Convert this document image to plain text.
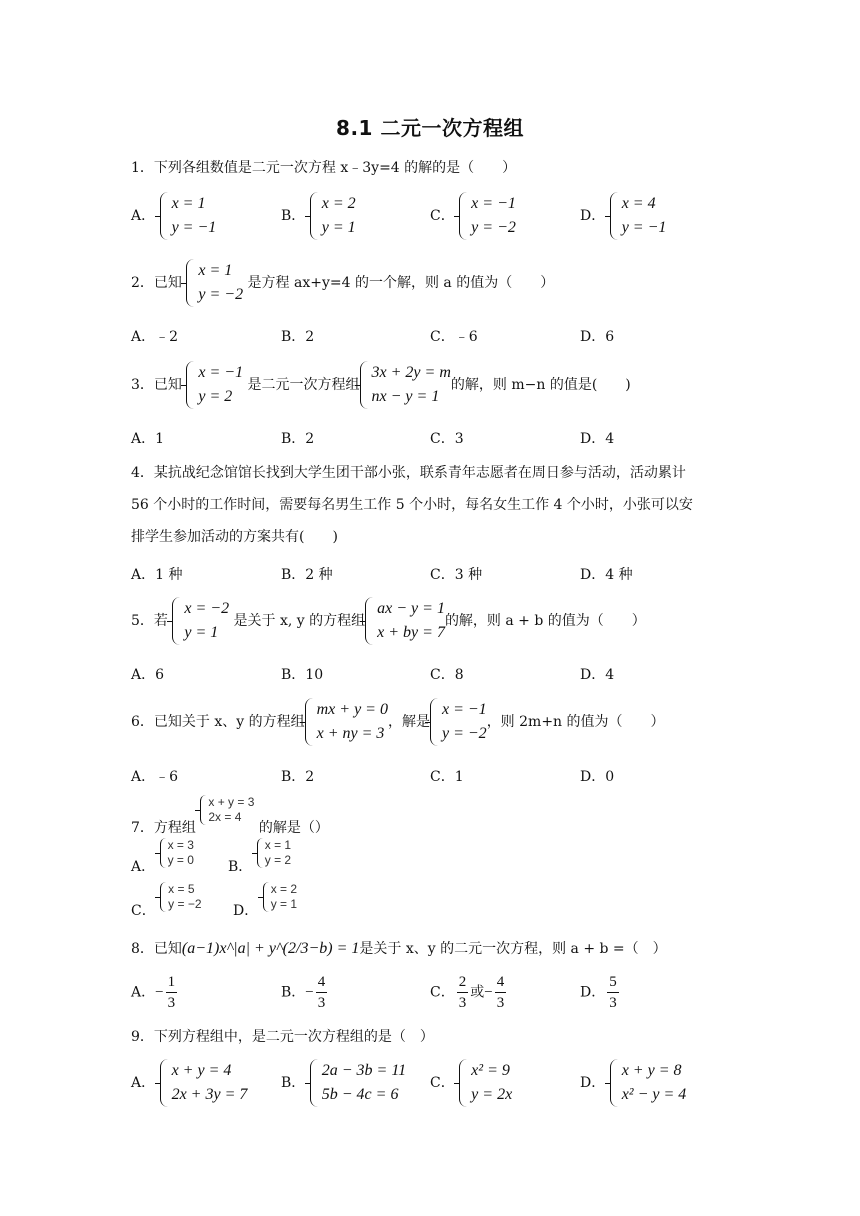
8.1 二元一次方程组
1．下列各组数值是二元一次方程 x﹣3y=4 的解的是（　　）
A．
x = 1
y = −1
B．
x = 2
y = 1
C．
x = −1
y = −2
D．
x = 4
y = −1
2．已知
x = 1
y = −2
是方程 ax+y=4 的一个解，则 a 的值为（　　）
A．﹣2	B．2	C．﹣6	D．6
3．已知
x = −1
y = 2
是二元一次方程组
3x + 2y = m
nx − y = 1
的解，则 m−n 的值是(　　)
A．1	B．2	C．3	D．4
4．某抗战纪念馆馆长找到大学生团干部小张，联系青年志愿者在周日参与活动，活动累计
56 个小时的工作时间，需要每名男生工作 5 个小时，每名女生工作 4 个小时，小张可以安
排学生参加活动的方案共有(　　)
A．1 种	B．2 种	C．3 种	D．4 种
5．若
x = −2
y = 1
是关于 x, y 的方程组
ax − y = 1
x + by = 7
的解，则 a + b 的值为（　　）
A．6	B．10	C．8	D．4
6．已知关于 x、y 的方程组
mx + y = 0
x + ny = 3
，解是
x = −1
y = −2
，则 2m+n 的值为（　　）
A．﹣6	B．2	C．1	D．0
7．方程组
x + y = 3
2x = 4
的解是（）
A．
x = 3
y = 0 B．
x = 1
y = 2
C．
x = 5
y = −2 D．
x = 2
y = 1
8．已知(a−1)x^|a| + y^(2/3−b) = 1是关于 x、y 的二元一次方程，则 a + b =（　）
A．− $\frac{1}{3}$	B．− $\frac{4}{3}$	C． $\frac{2}{3}$ 或− $\frac{4}{3}$	D． $\frac{5}{3}$
9．下列方程组中，是二元一次方程组的是（　）
A．
x + y = 4
2x + 3y = 7
B．
2a − 3b = 11
5b − 4c = 6
C．
x² = 9
y = 2x
D．
x + y = 8
x² − y = 4
